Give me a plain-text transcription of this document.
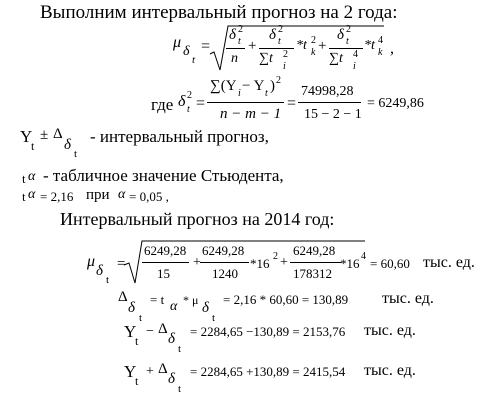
Выполним интервальный прогноз на 2 года:
μ
δ
t
=
δ t
2
n
+
δ t
2
∑t
i
2
*t k
2 +
δ t
2
∑t
i
4
*t k
4 ,
где δ t
2 =
∑(Y i − Y t ) 2
n − m − 1
=
74998,28
15 − 2 − 1
= 6249,86
Y
t
± Δ
δ
t
- интервальный прогноз,
t α - табличное значение Стьюдента,
t α = 2,16 при α = 0,05 ,
Интервальный прогноз на 2014 год:
μ
δ
t
=
6249,28
15
+
6249,28
1240
*16 2 +
6249,28
178312
*16 4 = 60,60 тыс. ед.
Δ
δ
t
= t α * μ δ
t
= 2,16 * 60,60 = 130,89 тыс. ед.
Y
t
− Δ
δ
t
= 2284,65 −130,89 = 2153,76 тыс. ед.
Y
t
+ Δ
δ
t
= 2284,65 +130,89 = 2415,54 тыс. ед.
